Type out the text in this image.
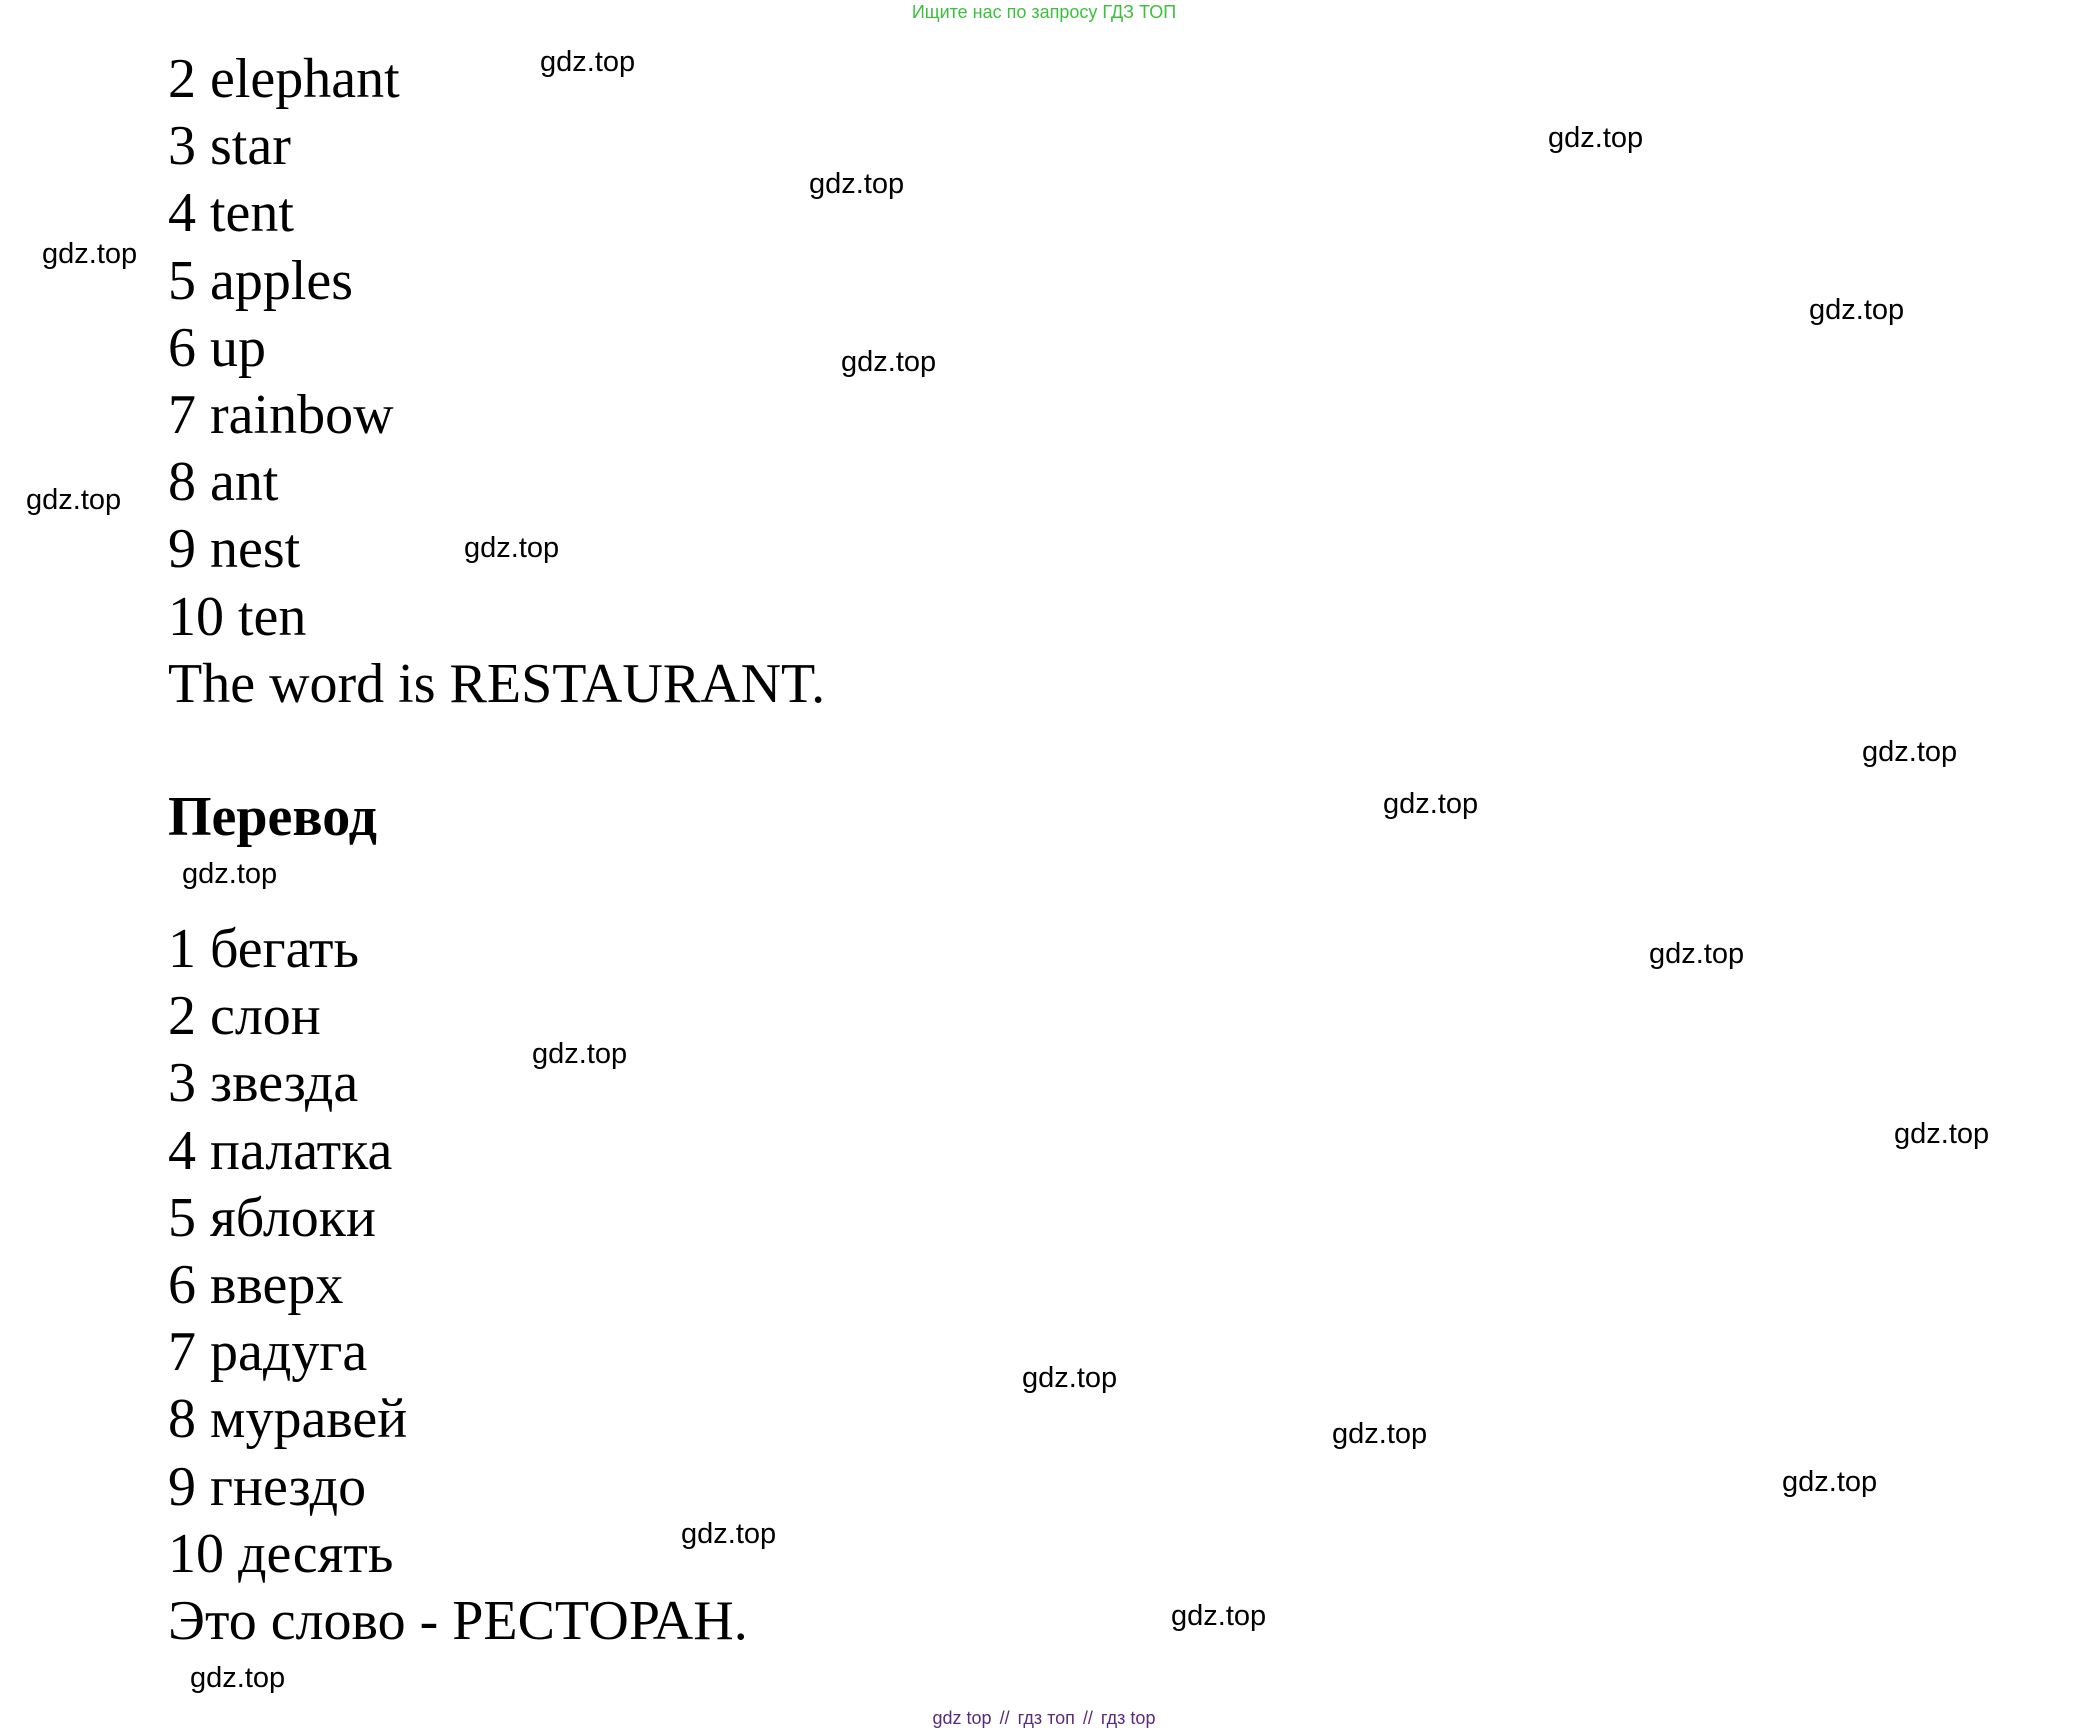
Ищите нас по запросу ГДЗ ТОП
2 elephant
3 star
4 tent
5 apples
6 up
7 rainbow
8 ant
9 nest
10 ten
The word is RESTAURANT.
Перевод
1 бегать
2 слон
3 звезда
4 палатка
5 яблоки
6 вверх
7 радуга
8 муравей
9 гнездо
10 десять
Это слово - РЕСТОРАН.
gdz.top
gdz.top
gdz.top
gdz.top
gdz.top
gdz.top
gdz.top
gdz.top
gdz.top
gdz.top
gdz.top
gdz.top
gdz.top
gdz.top
gdz.top
gdz.top
gdz.top
gdz.top
gdz.top
gdz.top
gdz top // гдз топ // гдз top
